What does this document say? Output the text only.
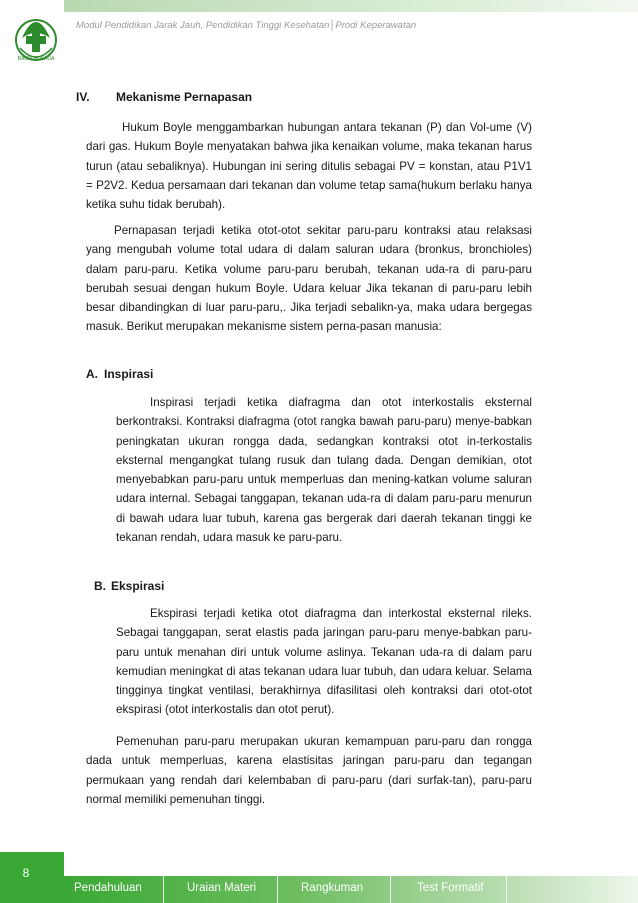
Modul Pendidikan Jarak Jauh, Pendidikan Tinggi Kesehatan│Prodi Keperawatan
BAKTI HUSADA
IV. Mekanisme Pernapasan

Hukum Boyle menggambarkan hubungan antara tekanan (P) dan Vol-ume (V) dari gas. Hukum Boyle menyatakan bahwa jika kenaikan volume, maka tekanan harus turun (atau sebaliknya). Hubungan ini sering ditulis sebagai PV = konstan, atau P1V1 = P2V2. Kedua persamaan dari tekanan dan volume tetap sama(hukum berlaku hanya ketika suhu tidak berubah).

Pernapasan terjadi ketika otot-otot sekitar paru-paru kontraksi atau relaksasi yang mengubah volume total udara di dalam saluran udara (bronkus, bronchioles) dalam paru-paru. Ketika volume paru-paru berubah, tekanan uda-ra di paru-paru berubah sesuai dengan hukum Boyle. Udara keluar Jika tekanan di paru-paru lebih besar dibandingkan di luar paru-paru,. Jika terjadi sebalikn-ya, maka udara bergegas masuk. Berikut merupakan mekanisme sistem perna-pasan manusia:

A. Inspirasi

Inspirasi terjadi ketika diafragma dan otot interkostalis eksternal berkontraksi. Kontraksi diafragma (otot rangka bawah paru-paru) menye-babkan peningkatan ukuran rongga dada, sedangkan kontraksi otot in-terkostalis eksternal mengangkat tulang rusuk dan tulang dada. Dengan demikian, otot menyebabkan paru-paru untuk memperluas dan mening-katkan volume saluran udara internal. Sebagai tanggapan, tekanan uda-ra di dalam paru-paru menurun di bawah udara luar tubuh, karena gas bergerak dari daerah tekanan tinggi ke tekanan rendah, udara masuk ke paru-paru.

B. Ekspirasi

Ekspirasi terjadi ketika otot diafragma dan interkostal eksternal rileks. Sebagai tanggapan, serat elastis pada jaringan paru-paru menye-babkan paru-paru untuk menahan diri untuk volume aslinya. Tekanan uda-ra di dalam paru kemudian meningkat di atas tekanan udara luar tubuh, dan udara keluar. Selama tingginya tingkat ventilasi, berakhirnya difasilitasi oleh kontraksi dari otot-otot ekspirasi (otot interkostalis dan otot perut).

Pemenuhan paru-paru merupakan ukuran kemampuan paru-paru dan rongga dada untuk memperluas, karena elastisitas jaringan paru-paru dan tegangan permukaan yang rendah dari kelembaban di paru-paru (dari surfak-tan), paru-paru normal memiliki pemenuhan tinggi.

8
Pendahuluan	Uraian Materi	Rangkuman	Test Formatif
